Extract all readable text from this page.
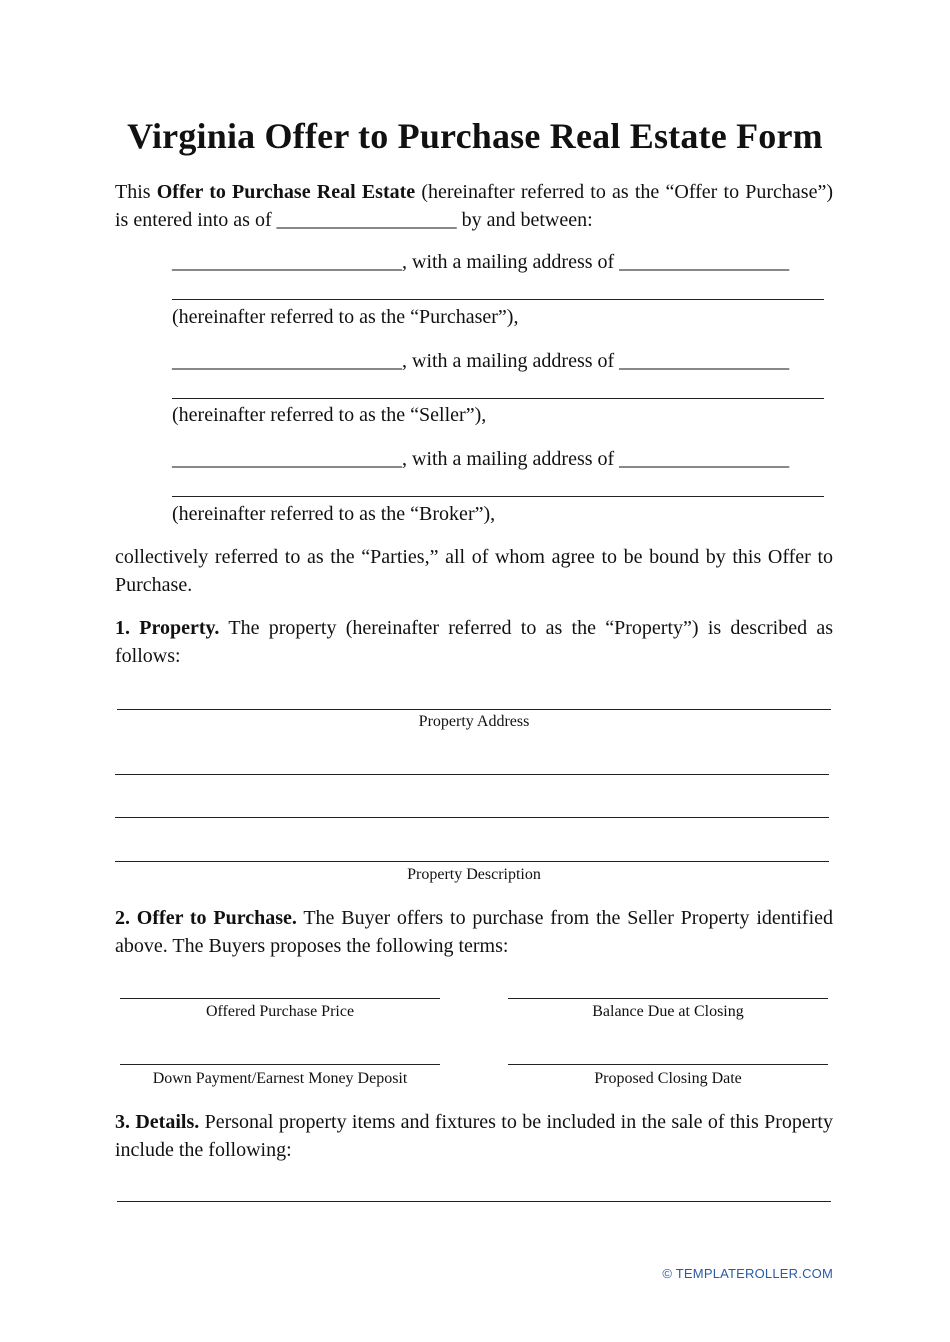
Virginia Offer to Purchase Real Estate Form
This Offer to Purchase Real Estate (hereinafter referred to as the “Offer to Purchase”) is entered into as of __________________ by and between:
_______________________, with a mailing address of _________________
(hereinafter referred to as the “Purchaser”),
_______________________, with a mailing address of _________________
(hereinafter referred to as the “Seller”),
_______________________, with a mailing address of _________________
(hereinafter referred to as the “Broker”),
collectively referred to as the “Parties,” all of whom agree to be bound by this Offer to Purchase.
1. Property. The property (hereinafter referred to as the “Property”) is described as follows:
Property Address
Property Description
2. Offer to Purchase. The Buyer offers to purchase from the Seller Property identified above. The Buyers proposes the following terms:
Offered Purchase Price	Balance Due at Closing
Down Payment/Earnest Money Deposit	Proposed Closing Date
3. Details. Personal property items and fixtures to be included in the sale of this Property include the following:
© TEMPLATEROLLER.COM
